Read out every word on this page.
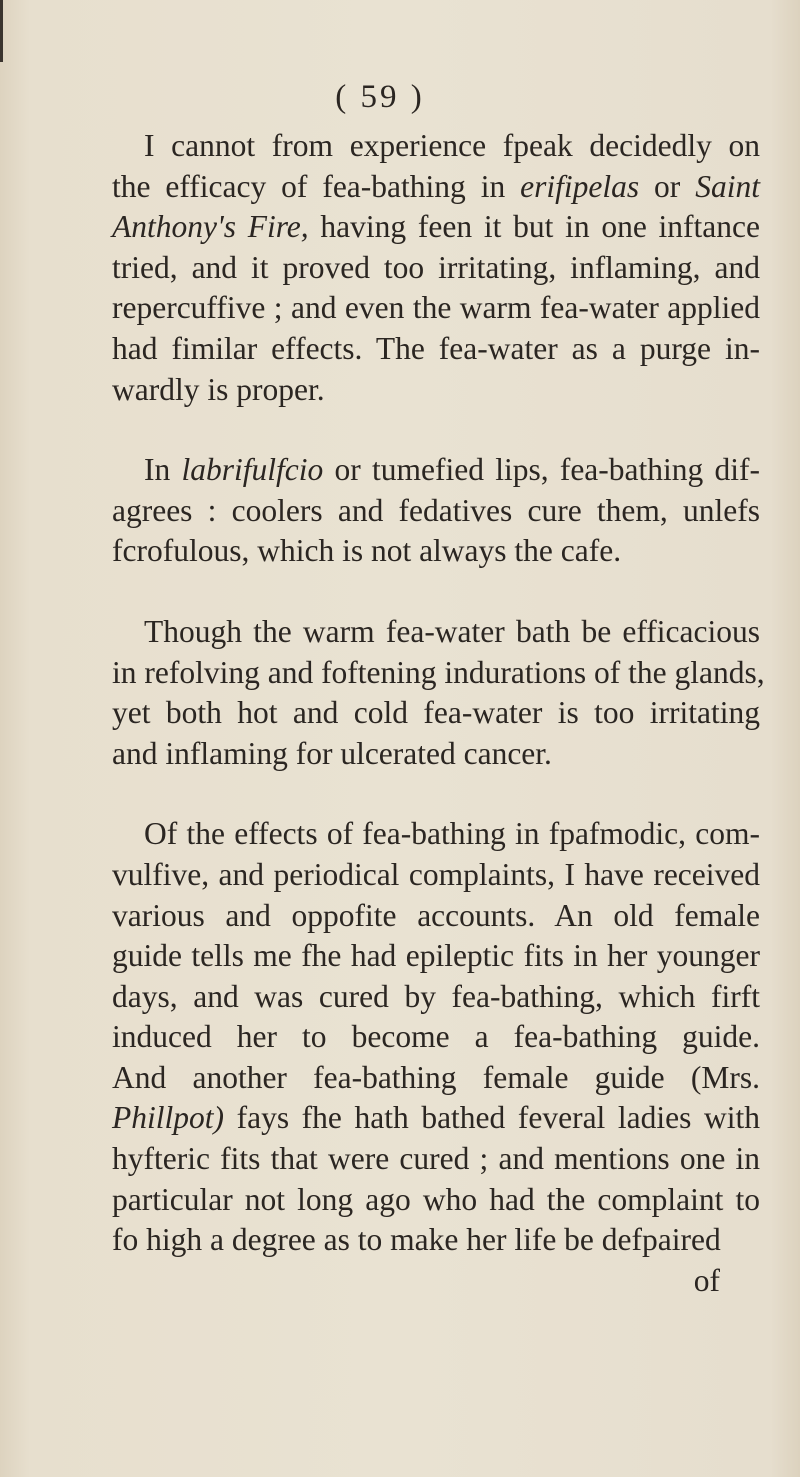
( 59 )
I cannot from experience fpeak decidedly on
the efficacy of fea-bathing in erifipelas or Saint
Anthony's Fire, having feen it but in one inftance
tried, and it proved too irritating, inflaming, and
repercuffive ; and even the warm fea-water applied
had fimilar effects. The fea-water as a purge in-
wardly is proper.
In labrifulfcio or tumefied lips, fea-bathing dif-
agrees : coolers and fedatives cure them, unlefs
fcrofulous, which is not always the cafe.
Though the warm fea-water bath be efficacious
in refolving and foftening indurations of the glands,
yet both hot and cold fea-water is too irritating
and inflaming for ulcerated cancer.
Of the effects of fea-bathing in fpafmodic, com-
vulfive, and periodical complaints, I have received
various and oppofite accounts. An old female
guide tells me fhe had epileptic fits in her younger
days, and was cured by fea-bathing, which firft
induced her to become a fea-bathing guide.
And another fea-bathing female guide (Mrs.
Phillpot) fays fhe hath bathed feveral ladies with
hyfteric fits that were cured ; and mentions one in
particular not long ago who had the complaint to
fo high a degree as to make her life be defpaired
of
